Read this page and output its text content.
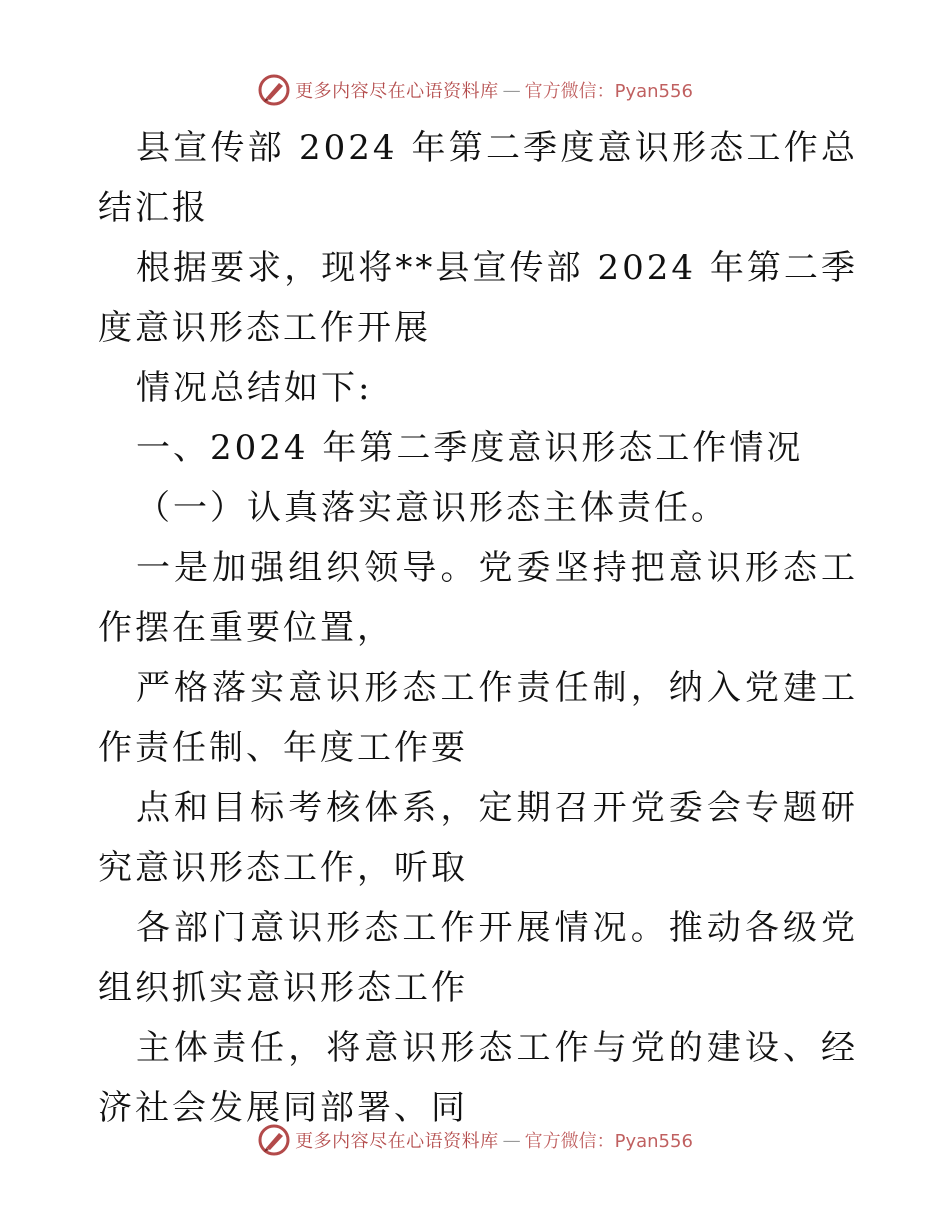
更多内容尽在心语资料库 — 官方微信：Pyan556

县宣传部 2024 年第二季度意识形态工作总结汇报

根据要求，现将**县宣传部 2024 年第二季度意识形态工作开展

情况总结如下:

一、2024 年第二季度意识形态工作情况

（一）认真落实意识形态主体责任。

一是加强组织领导。党委坚持把意识形态工作摆在重要位置，

严格落实意识形态工作责任制，纳入党建工作责任制、年度工作要

点和目标考核体系，定期召开党委会专题研究意识形态工作，听取

各部门意识形态工作开展情况。推动各级党组织抓实意识形态工作

主体责任，将意识形态工作与党的建设、经济社会发展同部署、同

更多内容尽在心语资料库 — 官方微信：Pyan556
